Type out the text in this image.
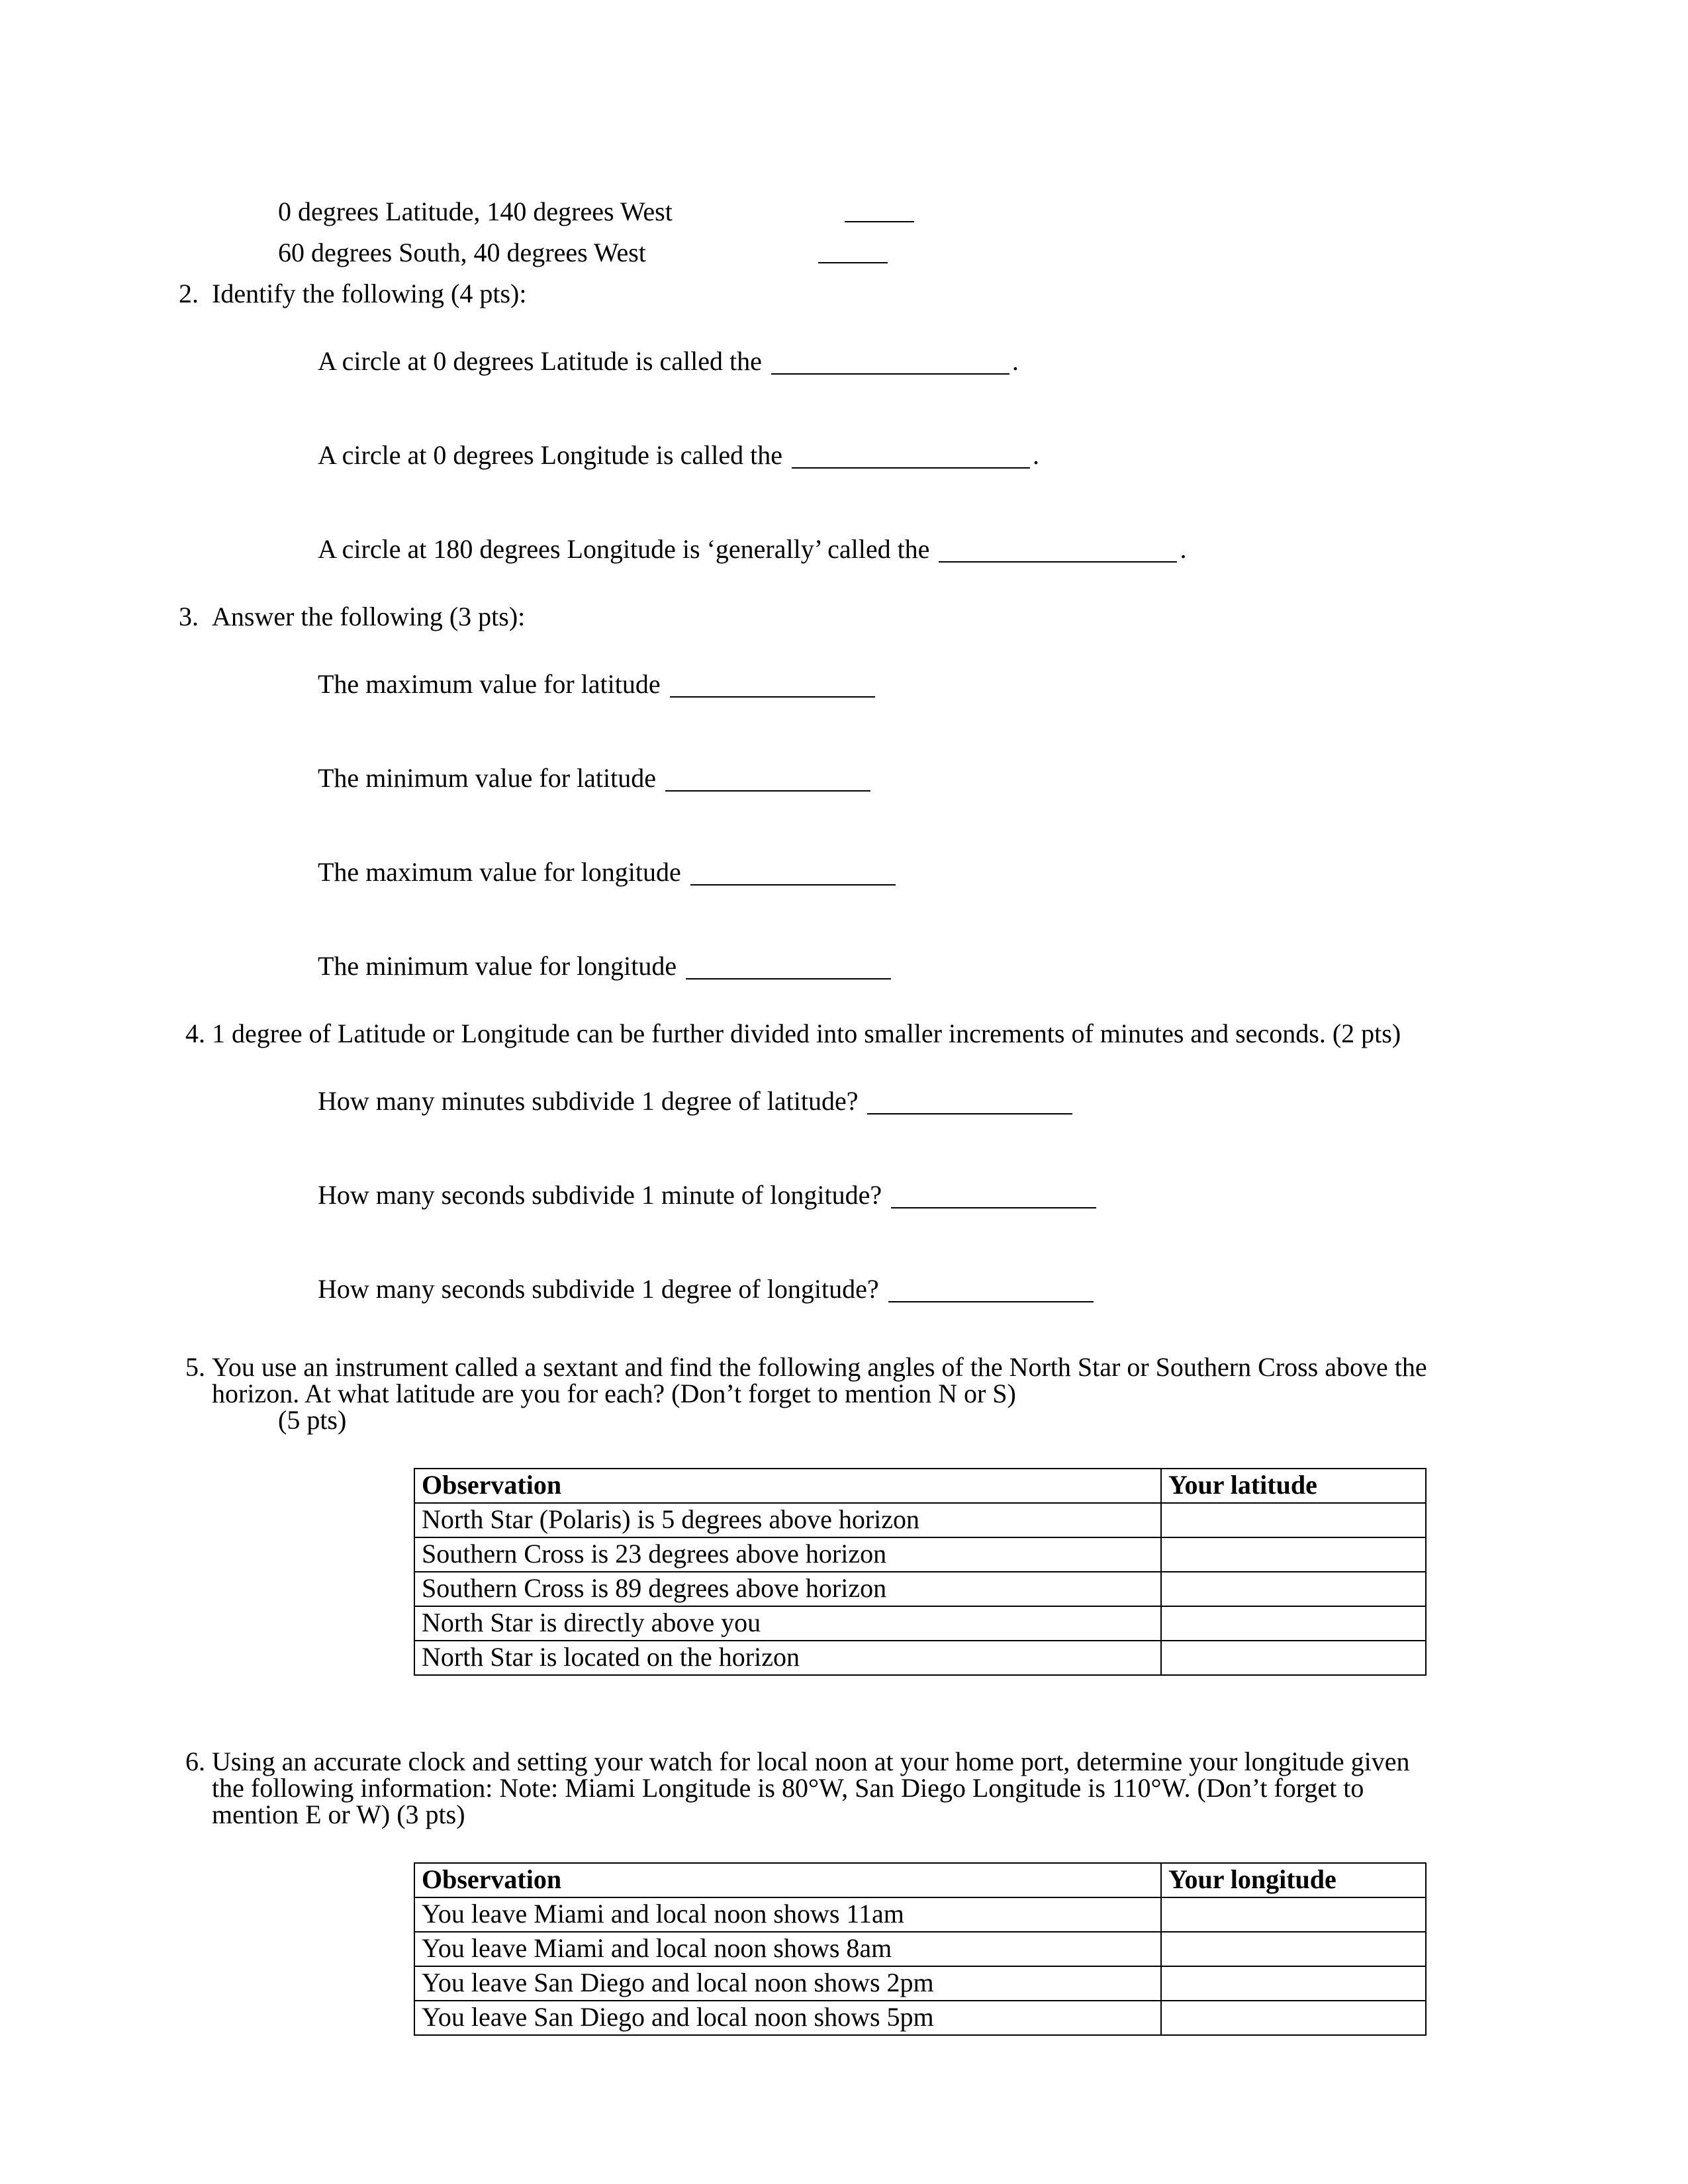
0 degrees Latitude, 140 degrees West
60 degrees South, 40 degrees West
2. Identify the following (4 pts):

A circle at 0 degrees Latitude is called the	.

A circle at 0 degrees Longitude is called the	.

A circle at 180 degrees Longitude is ‘generally’ called the	.

3. Answer the following (3 pts):

The maximum value for latitude

The minimum value for latitude

The maximum value for longitude

The minimum value for longitude

4. 1 degree of Latitude or Longitude can be further divided into smaller increments of minutes and seconds. (2 pts)

How many minutes subdivide 1 degree of latitude?

How many seconds subdivide 1 minute of longitude?

How many seconds subdivide 1 degree of longitude?

5. You use an instrument called a sextant and find the following angles of the North Star or Southern Cross above the horizon. At what latitude are you for each? (Don’t forget to mention N or S)
(5 pts)
Observation	Your latitude
North Star (Polaris) is 5 degrees above horizon	
Southern Cross is 23 degrees above horizon	
Southern Cross is 89 degrees above horizon	
North Star is directly above you	
North Star is located on the horizon	
6. Using an accurate clock and setting your watch for local noon at your home port, determine your longitude given the following information: Note: Miami Longitude is 80°W, San Diego Longitude is 110°W. (Don’t forget to mention E or W) (3 pts)
Observation	Your longitude
You leave Miami and local noon shows 11am	
You leave Miami and local noon shows 8am	
You leave San Diego and local noon shows 2pm	
You leave San Diego and local noon shows 5pm	
